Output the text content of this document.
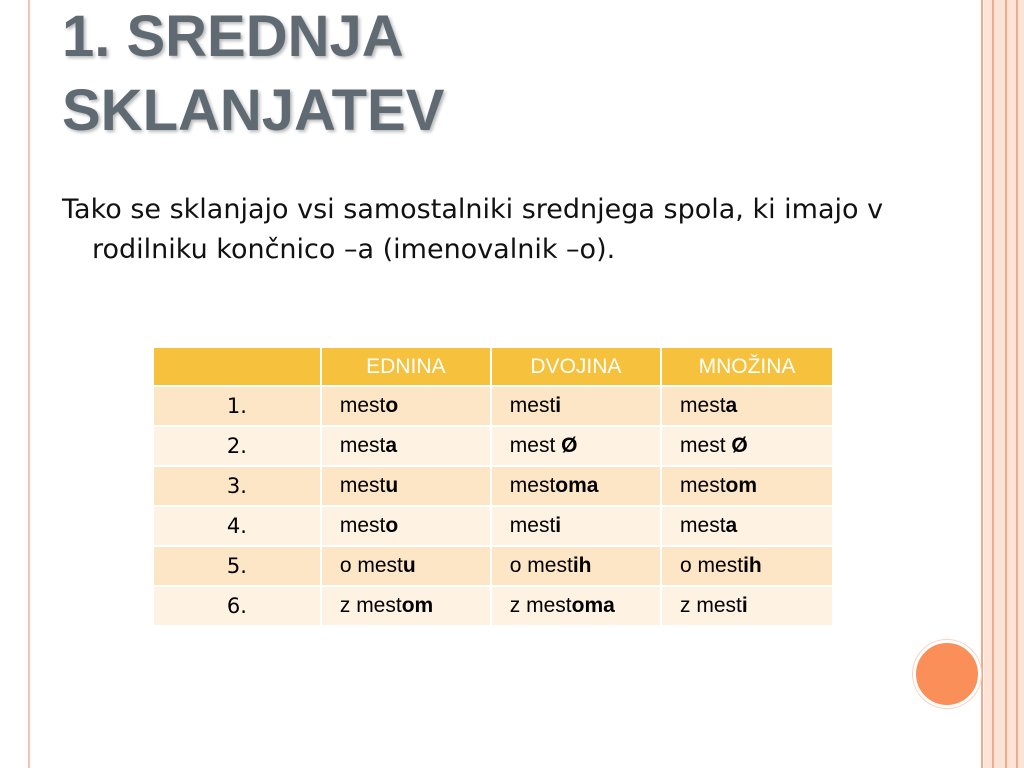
1. SREDNJA
SKLANJATEV

Tako se sklanjajo vsi samostalniki srednjega spola, ki imajo v rodilniku končnico –a (imenovalnik –o).

	EDNINA	DVOJINA	MNOŽINA
1.	mesto	mesti	mesta
2.	mesta	mest Ø	mest Ø
3.	mestu	mestoma	mestom
4.	mesto	mesti	mesta
5.	o mestu	o mestih	o mestih
6.	z mestom	z mestoma	z mesti
